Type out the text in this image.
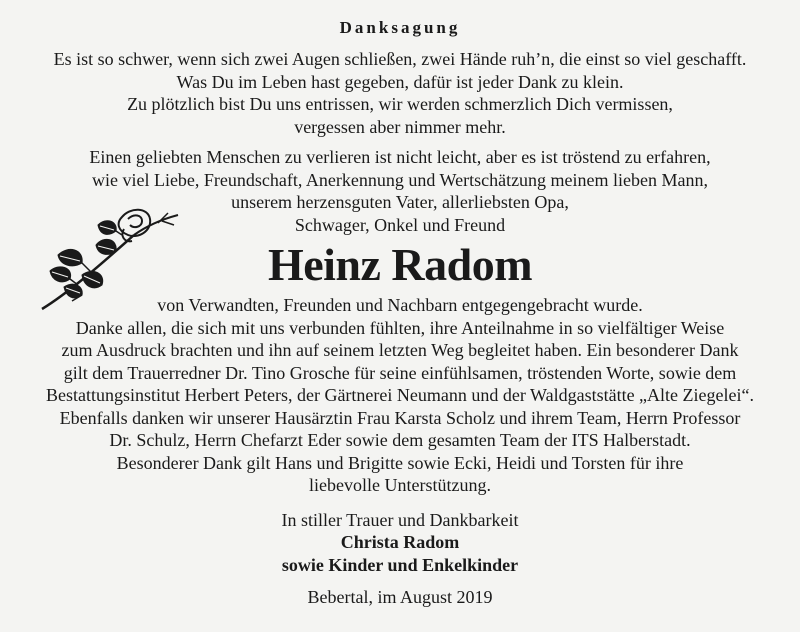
Danksagung
Es ist so schwer, wenn sich zwei Augen schließen, zwei Hände ruh’n, die einst so viel geschafft.
Was Du im Leben hast gegeben, dafür ist jeder Dank zu klein.
Zu plötzlich bist Du uns entrissen, wir werden schmerzlich Dich vermissen,
vergessen aber nimmer mehr.
Einen geliebten Menschen zu verlieren ist nicht leicht, aber es ist tröstend zu erfahren,
wie viel Liebe, Freundschaft, Anerkennung und Wertschätzung meinem lieben Mann,
unserem herzensguten Vater, allerliebsten Opa,
Schwager, Onkel und Freund
Heinz Radom
von Verwandten, Freunden und Nachbarn entgegengebracht wurde.
Danke allen, die sich mit uns verbunden fühlten, ihre Anteilnahme in so vielfältiger Weise
zum Ausdruck brachten und ihn auf seinem letzten Weg begleitet haben. Ein besonderer Dank
gilt dem Trauerredner Dr. Tino Grosche für seine einfühlsamen, tröstenden Worte, sowie dem
Bestattungsinstitut Herbert Peters, der Gärtnerei Neumann und der Waldgaststätte „Alte Ziegelei“.
Ebenfalls danken wir unserer Hausärztin Frau Karsta Scholz und ihrem Team, Herrn Professor
Dr. Schulz, Herrn Chefarzt Eder sowie dem gesamten Team der ITS Halberstadt.
Besonderer Dank gilt Hans und Brigitte sowie Ecki, Heidi und Torsten für ihre
liebevolle Unterstützung.
In stiller Trauer und Dankbarkeit
Christa Radom
sowie Kinder und Enkelkinder
Bebertal, im August 2019
